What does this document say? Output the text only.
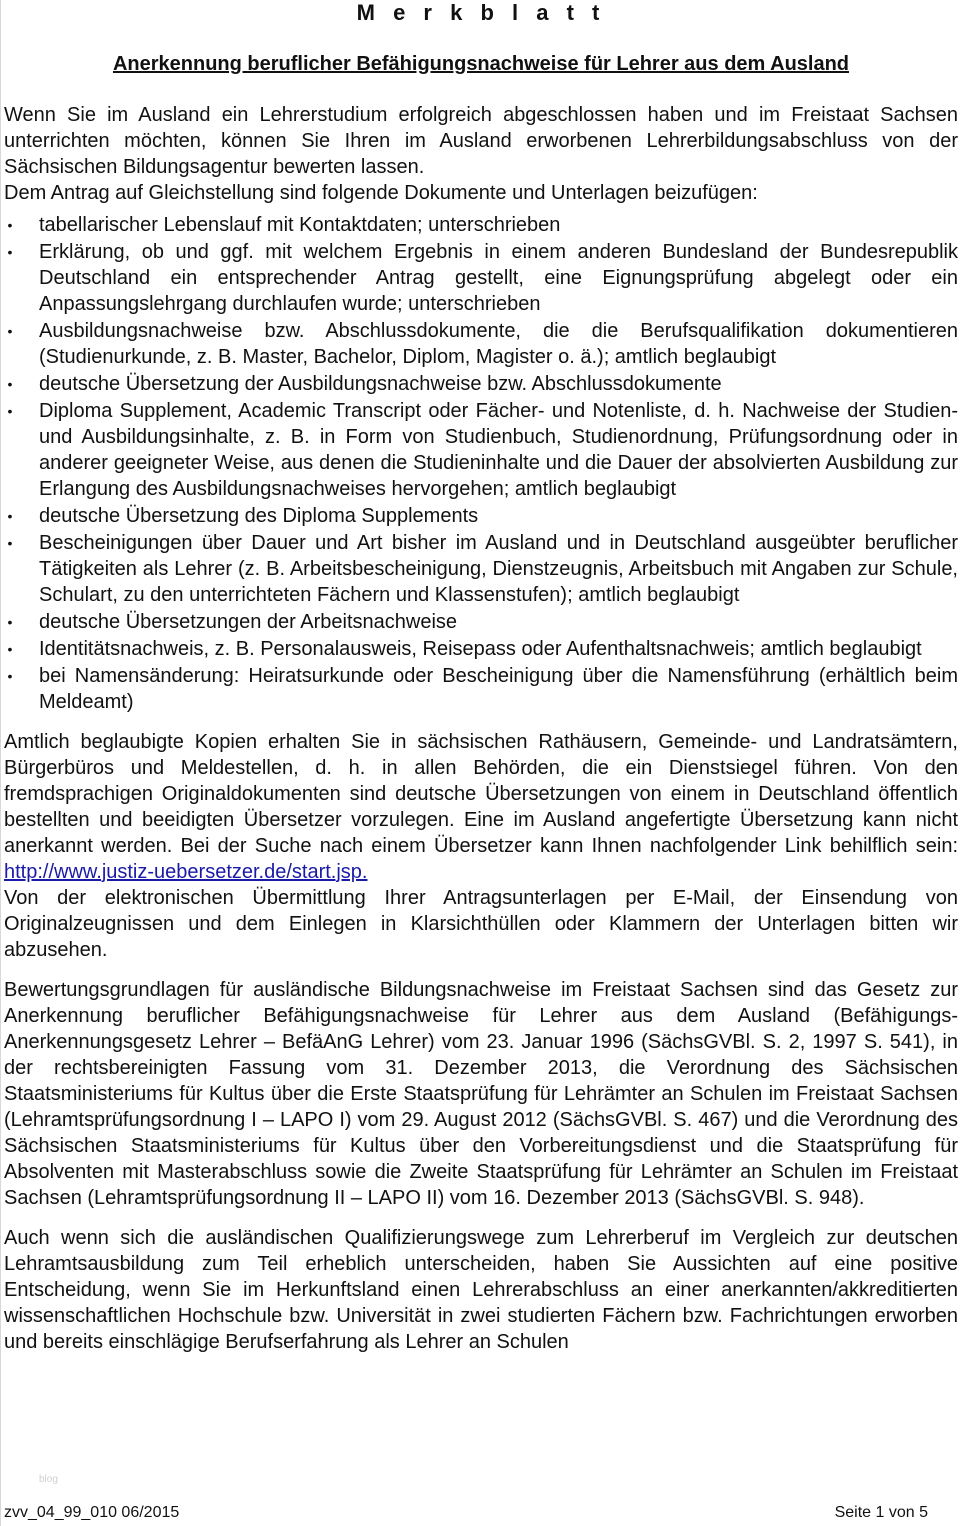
M e r k b l a t t
Anerkennung beruflicher Befähigungsnachweise für Lehrer aus dem Ausland

Wenn Sie im Ausland ein Lehrerstudium erfolgreich abgeschlossen haben und im Freistaat Sachsen unterrichten möchten, können Sie Ihren im Ausland erworbenen Lehrerbildungsabschluss von der Sächsischen Bildungsagentur bewerten lassen.

Dem Antrag auf Gleichstellung sind folgende Dokumente und Unterlagen beizufügen:

• tabellarischer Lebenslauf mit Kontaktdaten; unterschrieben
• Erklärung, ob und ggf. mit welchem Ergebnis in einem anderen Bundesland der Bundesrepublik Deutschland ein entsprechender Antrag gestellt, eine Eignungsprüfung abgelegt oder ein Anpassungslehrgang durchlaufen wurde; unterschrieben
• Ausbildungsnachweise bzw. Abschlussdokumente, die die Berufsqualifikation dokumentieren (Studienurkunde, z. B. Master, Bachelor, Diplom, Magister o. ä.); amtlich beglaubigt
• deutsche Übersetzung der Ausbildungsnachweise bzw. Abschlussdokumente
• Diploma Supplement, Academic Transcript oder Fächer- und Notenliste, d. h. Nachweise der Studien- und Ausbildungsinhalte, z. B. in Form von Studienbuch, Studienordnung, Prüfungsordnung oder in anderer geeigneter Weise, aus denen die Studieninhalte und die Dauer der absolvierten Ausbildung zur Erlangung des Ausbildungsnachweises hervorgehen; amtlich beglaubigt
• deutsche Übersetzung des Diploma Supplements
• Bescheinigungen über Dauer und Art bisher im Ausland und in Deutschland ausgeübter beruflicher Tätigkeiten als Lehrer (z. B. Arbeitsbescheinigung, Dienstzeugnis, Arbeitsbuch mit Angaben zur Schule, Schulart, zu den unterrichteten Fächern und Klassenstufen); amtlich beglaubigt
• deutsche Übersetzungen der Arbeitsnachweise
• Identitätsnachweis, z. B. Personalausweis, Reisepass oder Aufenthaltsnachweis; amtlich beglaubigt
• bei Namensänderung: Heiratsurkunde oder Bescheinigung über die Namensführung (erhältlich beim Meldeamt)

Amtlich beglaubigte Kopien erhalten Sie in sächsischen Rathäusern, Gemeinde- und Landratsämtern, Bürgerbüros und Meldestellen, d. h. in allen Behörden, die ein Dienstsiegel führen. Von den fremdsprachigen Originaldokumenten sind deutsche Übersetzungen von einem in Deutschland öffentlich bestellten und beeidigten Übersetzer vorzulegen. Eine im Ausland angefertigte Übersetzung kann nicht anerkannt werden. Bei der Suche nach einem Übersetzer kann Ihnen nachfolgender Link behilflich sein: http://www.justiz-uebersetzer.de/start.jsp.

Von der elektronischen Übermittlung Ihrer Antragsunterlagen per E-Mail, der Einsendung von Originalzeugnissen und dem Einlegen in Klarsichthüllen oder Klammern der Unterlagen bitten wir abzusehen.

Bewertungsgrundlagen für ausländische Bildungsnachweise im Freistaat Sachsen sind das Gesetz zur Anerkennung beruflicher Befähigungsnachweise für Lehrer aus dem Ausland (Befähigungs-Anerkennungsgesetz Lehrer – BefäAnG Lehrer) vom 23. Januar 1996 (SächsGVBl. S. 2, 1997 S. 541), in der rechtsbereinigten Fassung vom 31. Dezember 2013, die Verordnung des Sächsischen Staatsministeriums für Kultus über die Erste Staatsprüfung für Lehrämter an Schulen im Freistaat Sachsen (Lehramtsprüfungsordnung I – LAPO I) vom 29. August 2012 (SächsGVBl. S. 467) und die Verordnung des Sächsischen Staatsministeriums für Kultus über den Vorbereitungsdienst und die Staatsprüfung für Absolventen mit Masterabschluss sowie die Zweite Staatsprüfung für Lehrämter an Schulen im Freistaat Sachsen (Lehramtsprüfungsordnung II – LAPO II) vom 16. Dezember 2013 (SächsGVBl. S. 948).

Auch wenn sich die ausländischen Qualifizierungswege zum Lehrerberuf im Vergleich zur deutschen Lehramtsausbildung zum Teil erheblich unterscheiden, haben Sie Aussichten auf eine positive Entscheidung, wenn Sie im Herkunftsland einen Lehrerabschluss an einer anerkannten/akkreditierten wissenschaftlichen Hochschule bzw. Universität in zwei studierten Fächern bzw. Fachrichtungen erworben und bereits einschlägige Berufserfahrung als Lehrer an Schulen

blog
zvv_04_99_010 06/2015	Seite 1 von 5
